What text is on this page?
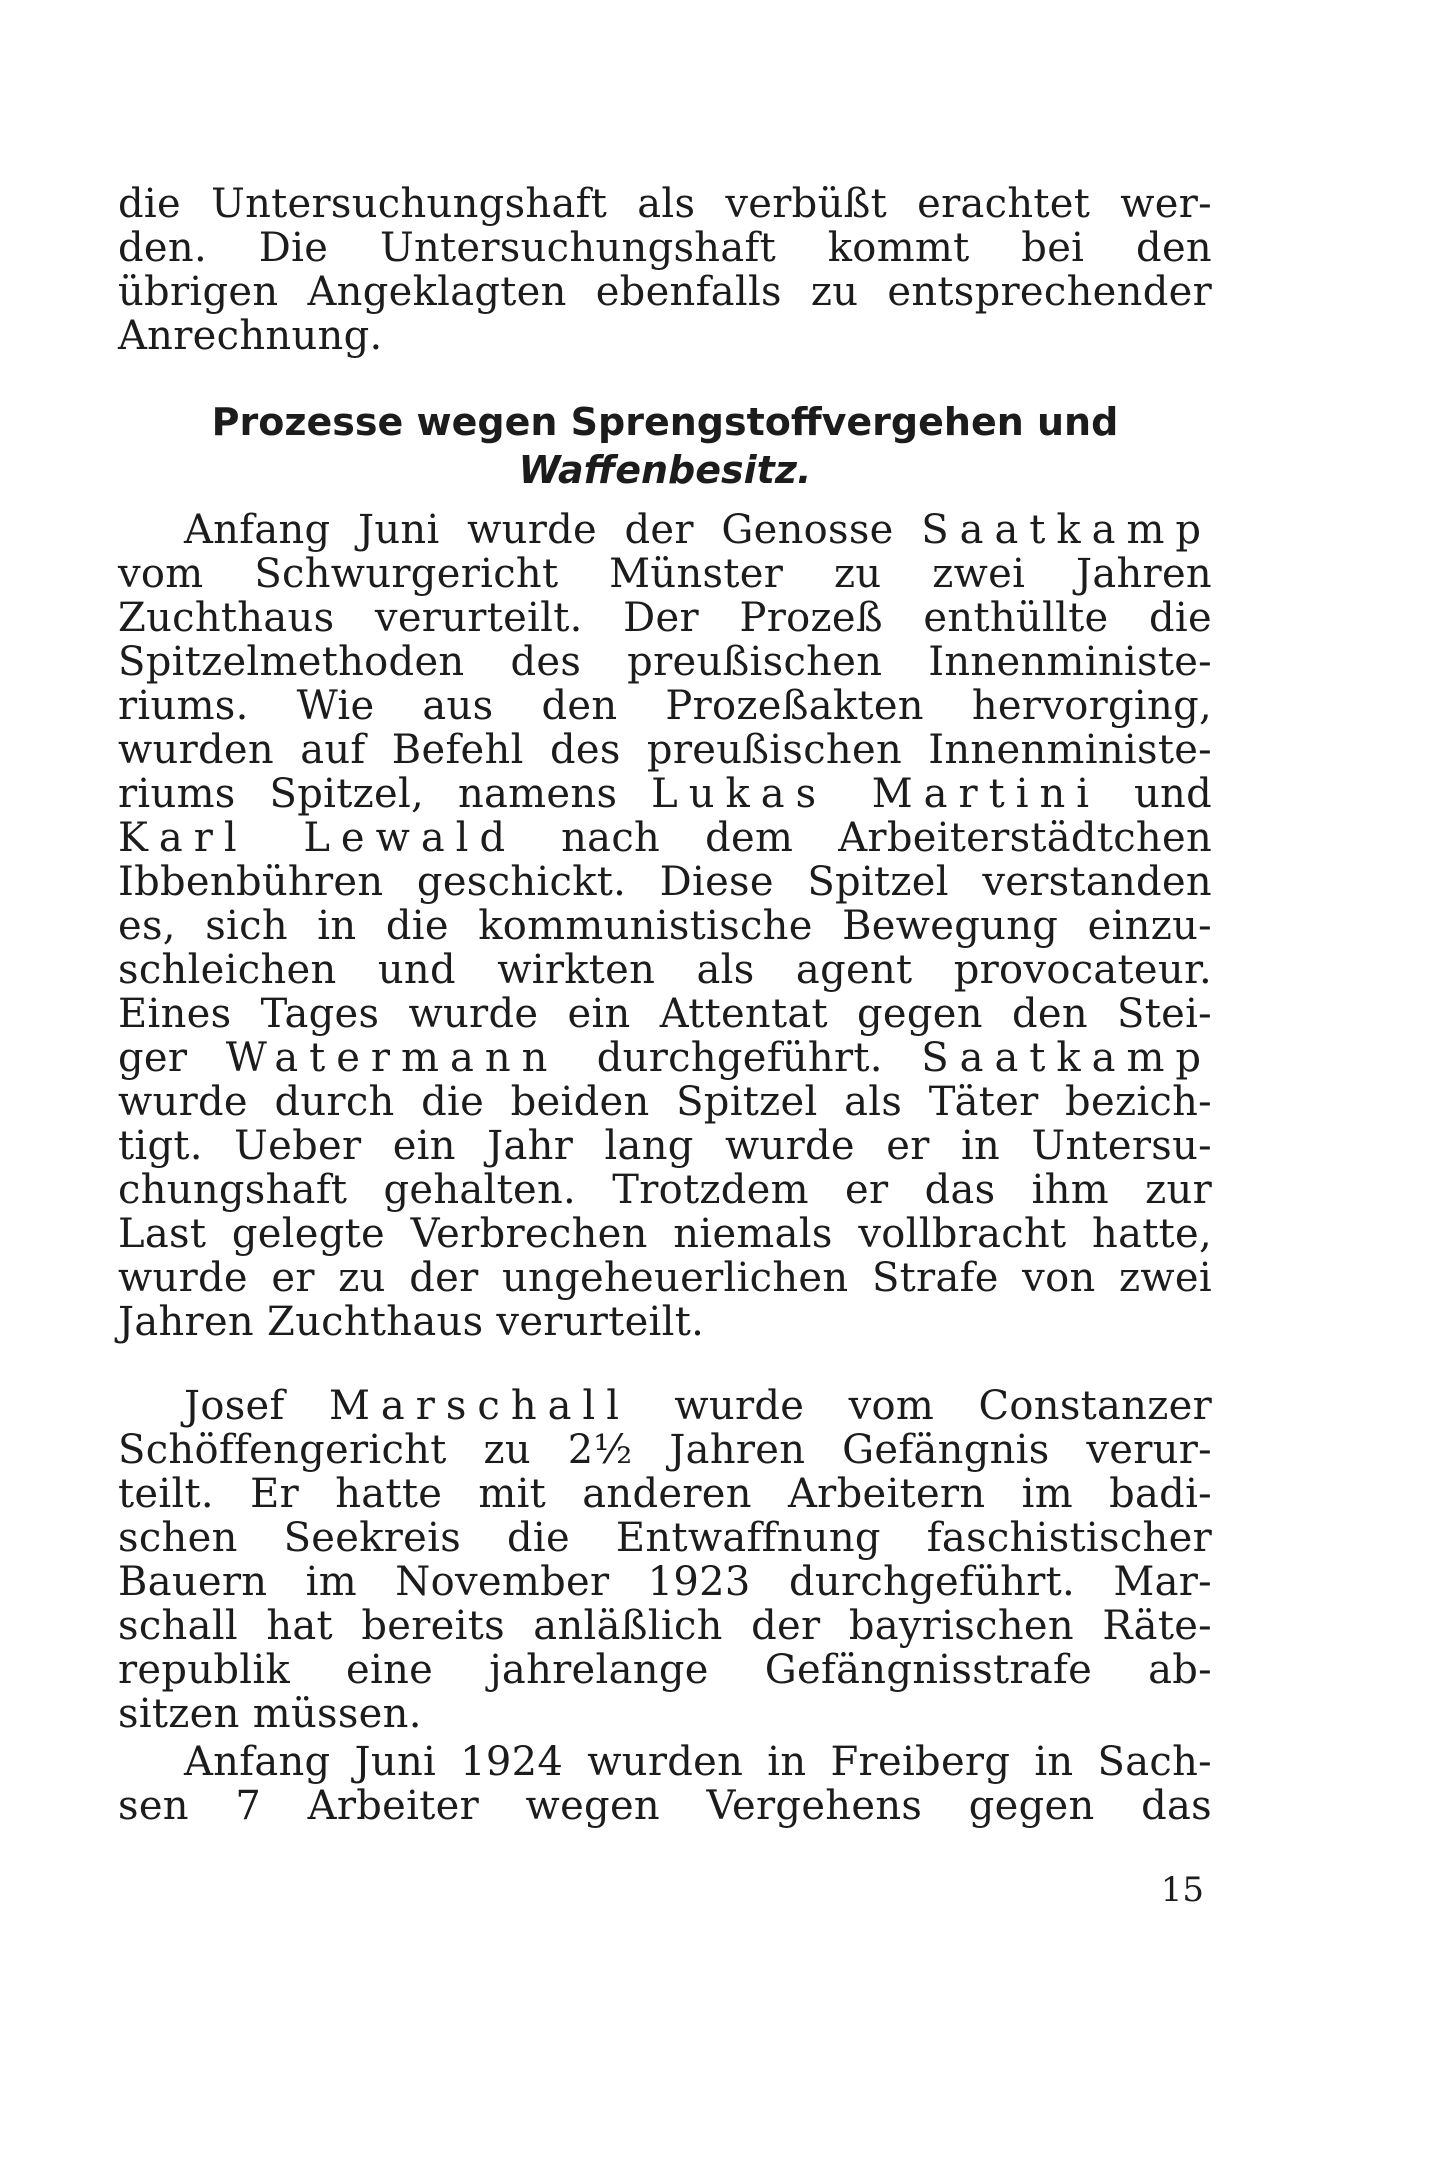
die Untersuchungshaft als verbüßt erachtet wer-
den. Die Untersuchungshaft kommt bei den
übrigen Angeklagten ebenfalls zu entsprechender
Anrechnung.
Prozesse wegen Sprengstoffvergehen und
Waffenbesitz.
Anfang Juni wurde der Genosse Saatkamp
vom Schwurgericht Münster zu zwei Jahren
Zuchthaus verurteilt. Der Prozeß enthüllte die
Spitzelmethoden des preußischen Innenministe-
riums. Wie aus den Prozeßakten hervorging,
wurden auf Befehl des preußischen Innenministe-
riums Spitzel, namens Lukas Martini und
Karl Lewald nach dem Arbeiterstädtchen
Ibbenbühren geschickt. Diese Spitzel verstanden
es, sich in die kommunistische Bewegung einzu-
schleichen und wirkten als agent provocateur.
Eines Tages wurde ein Attentat gegen den Stei-
ger Watermann durchgeführt. Saatkamp
wurde durch die beiden Spitzel als Täter bezich-
tigt. Ueber ein Jahr lang wurde er in Untersu-
chungshaft gehalten. Trotzdem er das ihm zur
Last gelegte Verbrechen niemals vollbracht hatte,
wurde er zu der ungeheuerlichen Strafe von zwei
Jahren Zuchthaus verurteilt.
Josef Marschall wurde vom Constanzer
Schöffengericht zu 2½ Jahren Gefängnis verur-
teilt. Er hatte mit anderen Arbeitern im badi-
schen Seekreis die Entwaffnung faschistischer
Bauern im November 1923 durchgeführt. Mar-
schall hat bereits anläßlich der bayrischen Räte-
republik eine jahrelange Gefängnisstrafe ab-
sitzen müssen.
Anfang Juni 1924 wurden in Freiberg in Sach-
sen 7 Arbeiter wegen Vergehens gegen das
15
